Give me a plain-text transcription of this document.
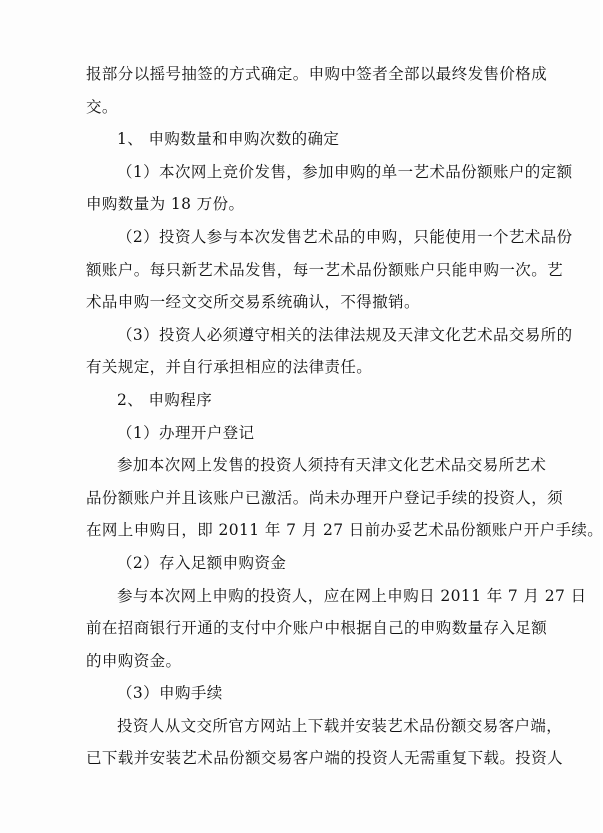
报部分以摇号抽签的方式确定。申购中签者全部以最终发售价格成
交。
1、 申购数量和申购次数的确定
（1）本次网上竞价发售，参加申购的单一艺术品份额账户的定额
申购数量为 18 万份。
（2）投资人参与本次发售艺术品的申购，只能使用一个艺术品份
额账户。每只新艺术品发售，每一艺术品份额账户只能申购一次。艺
术品申购一经文交所交易系统确认，不得撤销。
（3）投资人必须遵守相关的法律法规及天津文化艺术品交易所的
有关规定，并自行承担相应的法律责任。
2、 申购程序
（1）办理开户登记
参加本次网上发售的投资人须持有天津文化艺术品交易所艺术
品份额账户并且该账户已激活。尚未办理开户登记手续的投资人，须
在网上申购日，即 2011 年 7 月 27 日前办妥艺术品份额账户开户手续。
（2）存入足额申购资金
参与本次网上申购的投资人，应在网上申购日 2011 年 7 月 27 日
前在招商银行开通的支付中介账户中根据自己的申购数量存入足额
的申购资金。
（3）申购手续
投资人从文交所官方网站上下载并安装艺术品份额交易客户端，
已下载并安装艺术品份额交易客户端的投资人无需重复下载。投资人
